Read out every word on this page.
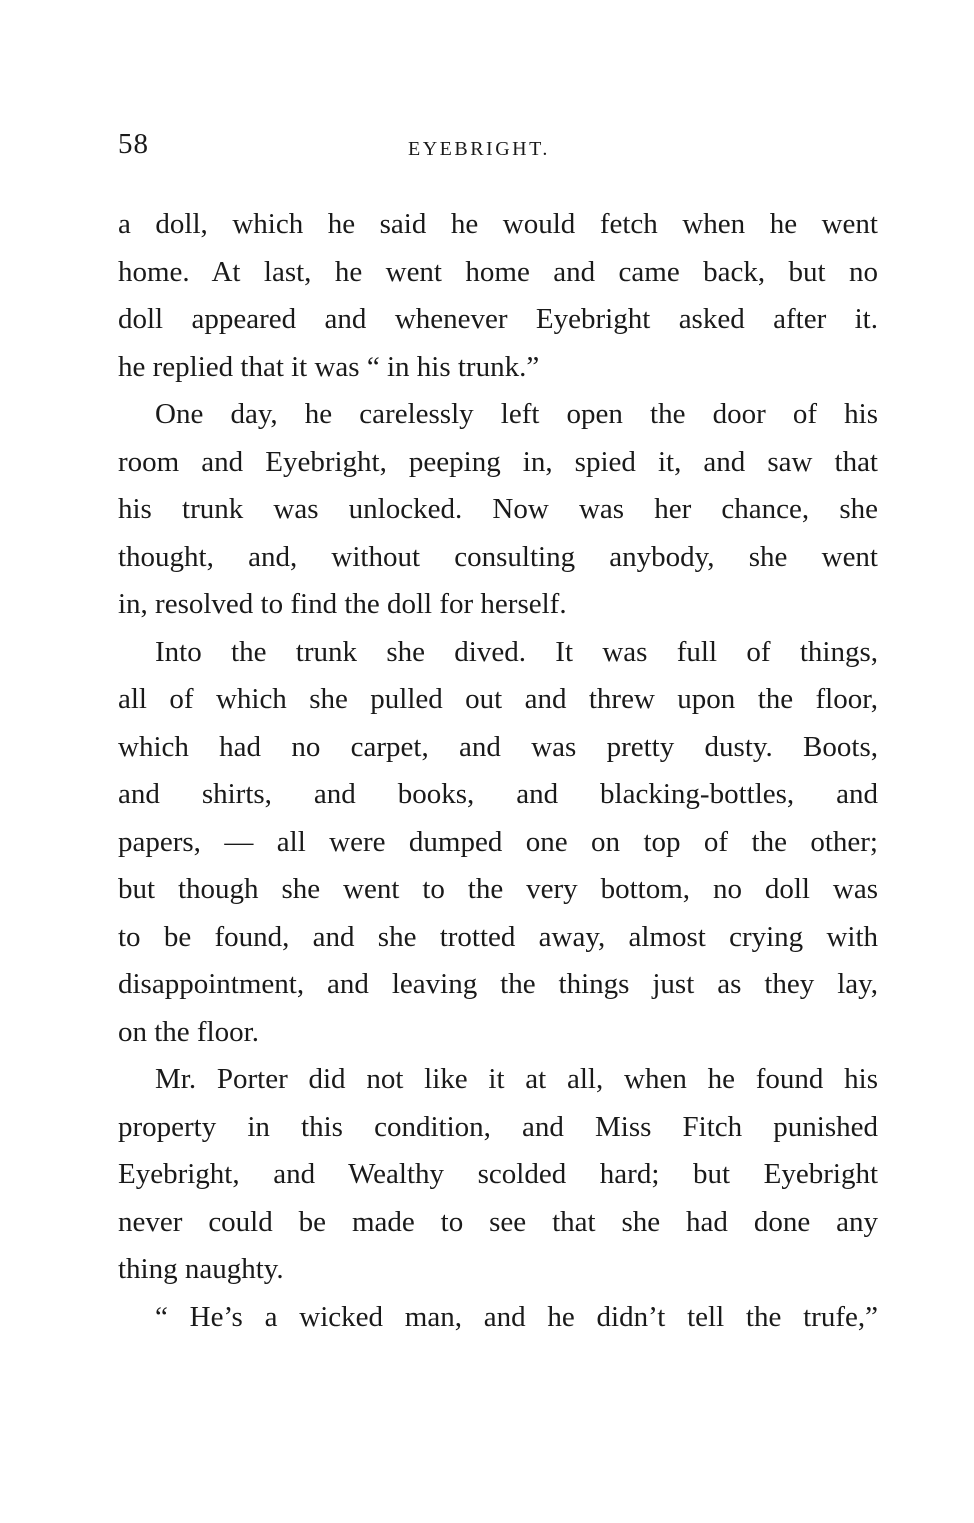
58	EYEBRIGHT.
a doll, which he said he would fetch when he went
home. At last, he went home and came back, but no
doll appeared and whenever Eyebright asked after it.
he replied that it was “ in his trunk.”
One day, he carelessly left open the door of his
room and Eyebright, peeping in, spied it, and saw that
his trunk was unlocked. Now was her chance, she
thought, and, without consulting anybody, she went
in, resolved to find the doll for herself.
Into the trunk she dived. It was full of things,
all of which she pulled out and threw upon the floor,
which had no carpet, and was pretty dusty. Boots,
and shirts, and books, and blacking-bottles, and
papers, — all were dumped one on top of the other;
but though she went to the very bottom, no doll was
to be found, and she trotted away, almost crying with
disappointment, and leaving the things just as they lay,
on the floor.
Mr. Porter did not like it at all, when he found his
property in this condition, and Miss Fitch punished
Eyebright, and Wealthy scolded hard; but Eyebright
never could be made to see that she had done any
thing naughty.
“ He’s a wicked man, and he didn’t tell the trufe,”
